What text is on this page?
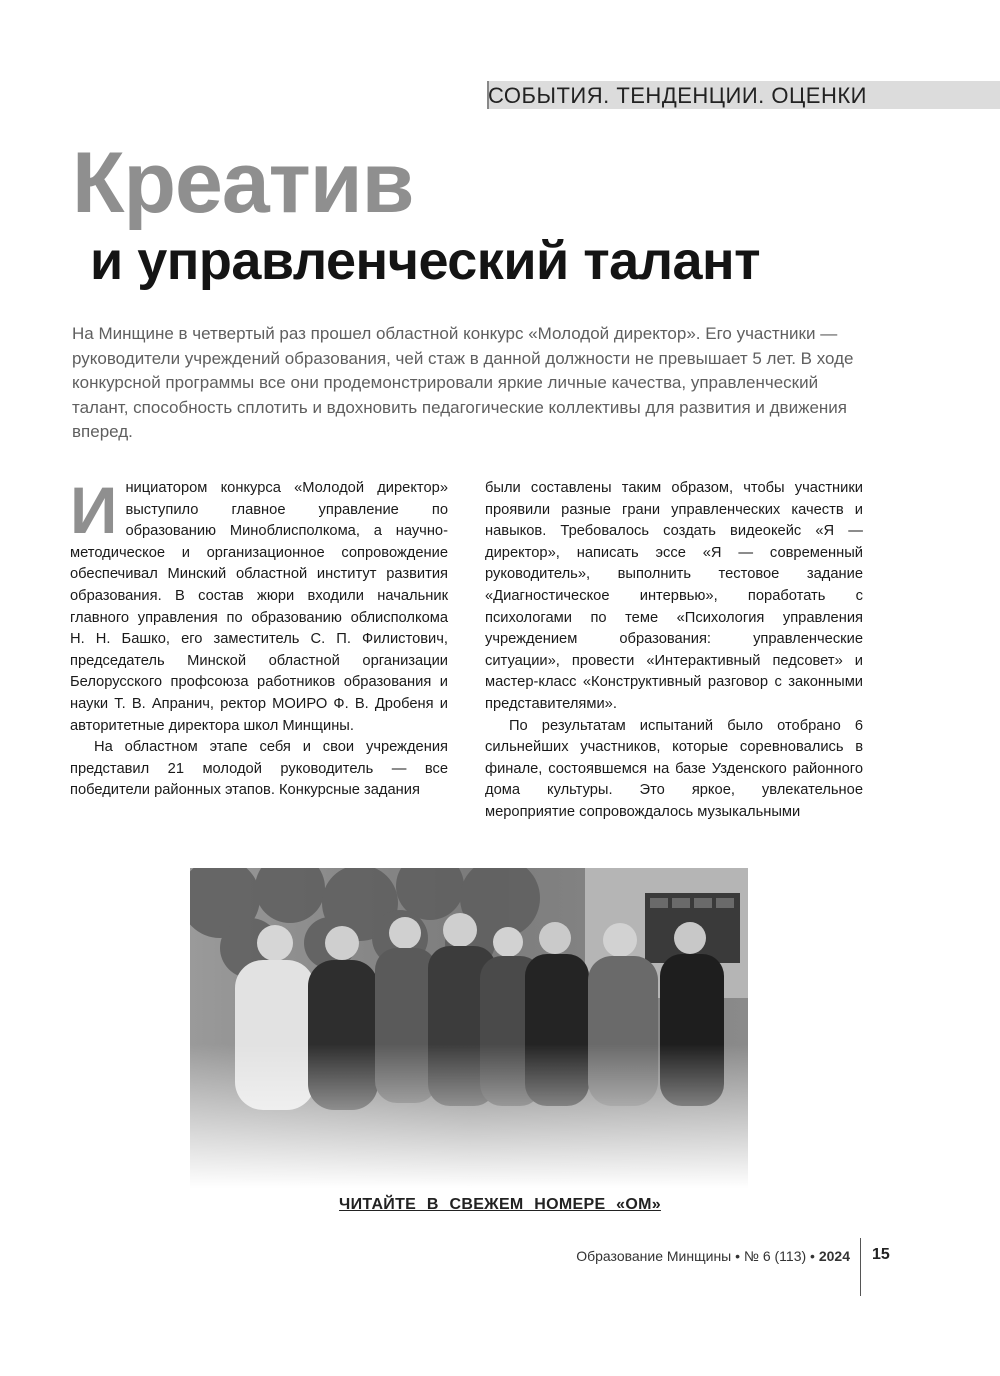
СОБЫТИЯ. ТЕНДЕНЦИИ. ОЦЕНКИ
Креатив
и управленческий талант

На Минщине в четвертый раз прошел областной конкурс «Молодой директор». Его участники — руководители учреждений образования, чей стаж в данной должности не превышает 5 лет. В ходе конкурсной программы все они продемонстрировали яркие личные качества, управленческий талант, способность сплотить и вдохновить педагогические коллективы для развития и движения вперед.

Инициатором конкурса «Молодой директор» выступило главное управление по образованию Миноблисполкома, а научно-методическое и организационное сопровождение обеспечивал Минский областной институт развития образования. В состав жюри входили начальник главного управления по образованию облисполкома Н. Н. Башко, его заместитель С. П. Филистович, председатель Минской областной организации Белорусского профсоюза работников образования и науки Т. В. Апранич, ректор МОИРО Ф. В. Дробеня и авторитетные директора школ Минщины.

На областном этапе себя и свои учреждения представил 21 молодой руководитель — все победители районных этапов. Конкурсные задания

были составлены таким образом, чтобы участники проявили разные грани управленческих качеств и навыков. Требовалось создать видеокейс «Я — директор», написать эссе «Я — современный руководитель», выполнить тестовое задание «Диагностическое интервью», поработать с психологами по теме «Психология управления учреждением образования: управленческие ситуации», провести «Интерактивный педсовет» и мастер-класс «Конструктивный разговор с законными представителями».

По результатам испытаний было отобрано 6 сильнейших участников, которые соревновались в финале, состоявшемся на базе Узденского районного дома культуры. Это яркое, увлекательное мероприятие сопровождалось музыкальными

ЧИТАЙТЕ В СВЕЖЕМ НОМЕРЕ «ОМ»

Образование Минщины • № 6 (113) • 2024 15
